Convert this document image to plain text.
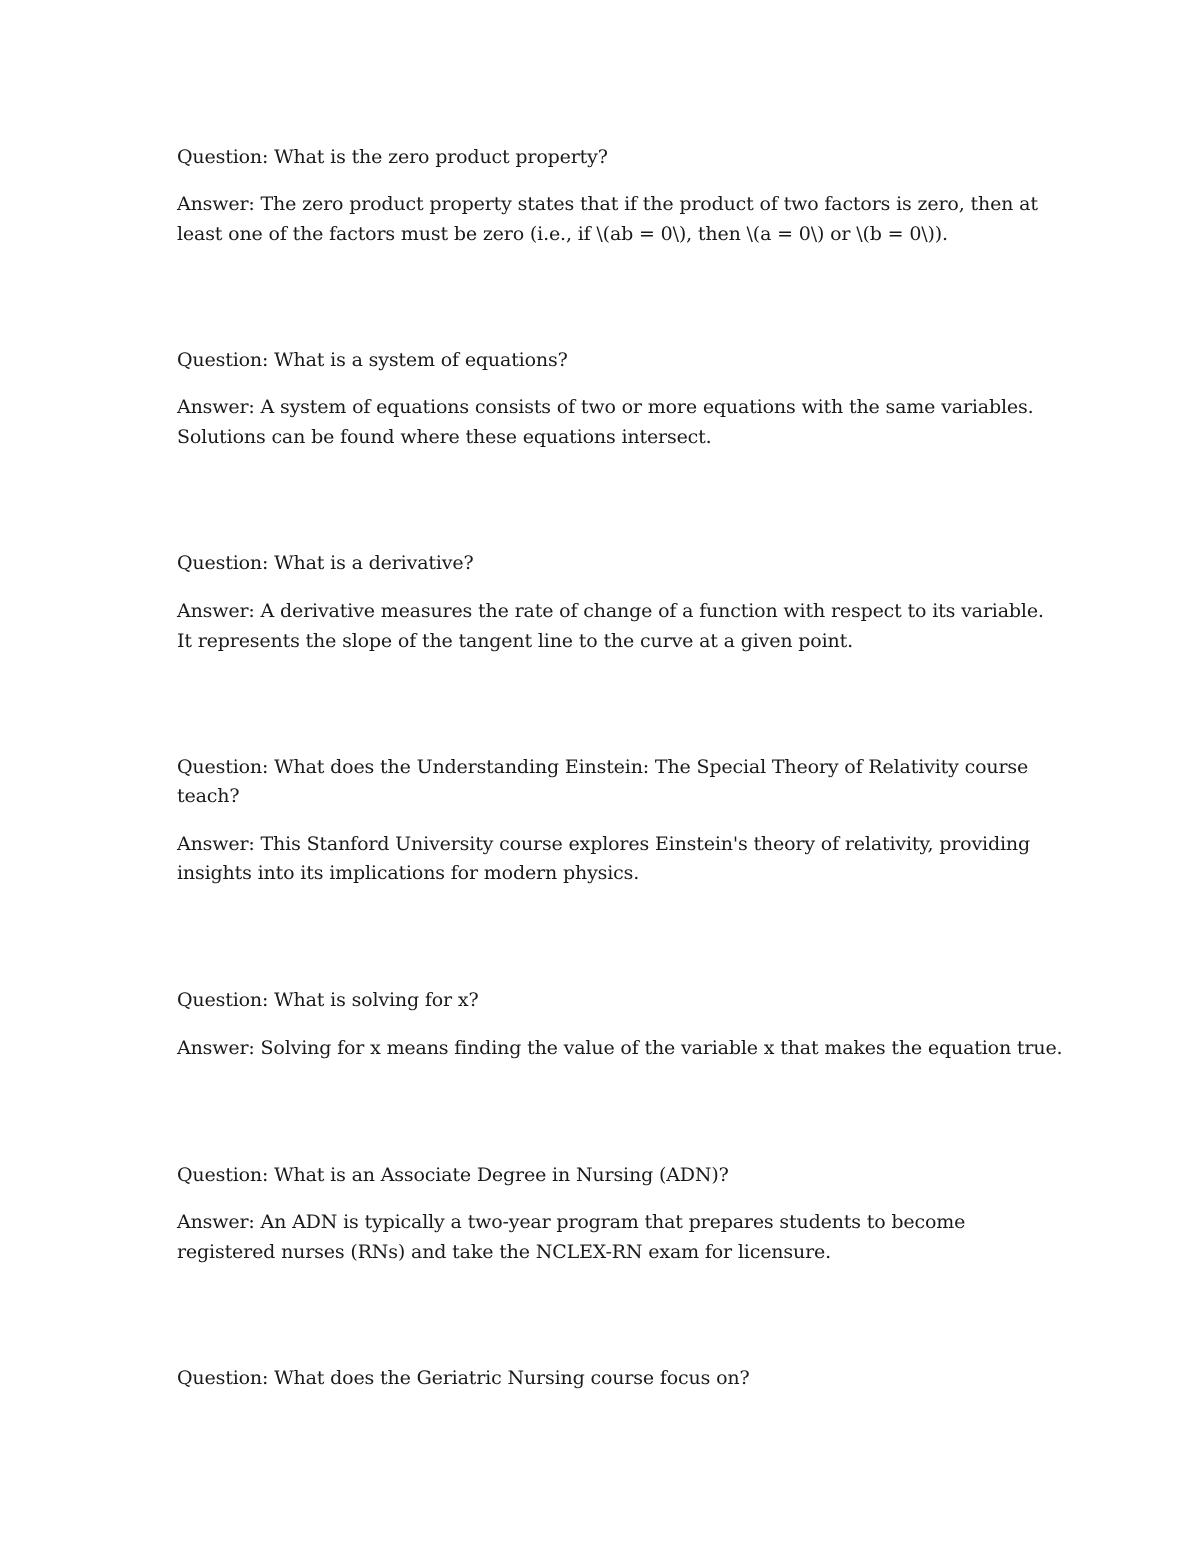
Question: What is the zero product property?

Answer: The zero product property states that if the product of two factors is zero, then at

least one of the factors must be zero (i.e., if \(ab = 0\), then \(a = 0\) or \(b = 0\)).

Question: What is a system of equations?

Answer: A system of equations consists of two or more equations with the same variables.

Solutions can be found where these equations intersect.

Question: What is a derivative?

Answer: A derivative measures the rate of change of a function with respect to its variable.

It represents the slope of the tangent line to the curve at a given point.

Question: What does the Understanding Einstein: The Special Theory of Relativity course

teach?

Answer: This Stanford University course explores Einstein's theory of relativity, providing

insights into its implications for modern physics.

Question: What is solving for x?

Answer: Solving for x means finding the value of the variable x that makes the equation true.

Question: What is an Associate Degree in Nursing (ADN)?

Answer: An ADN is typically a two-year program that prepares students to become

registered nurses (RNs) and take the NCLEX-RN exam for licensure.

Question: What does the Geriatric Nursing course focus on?
